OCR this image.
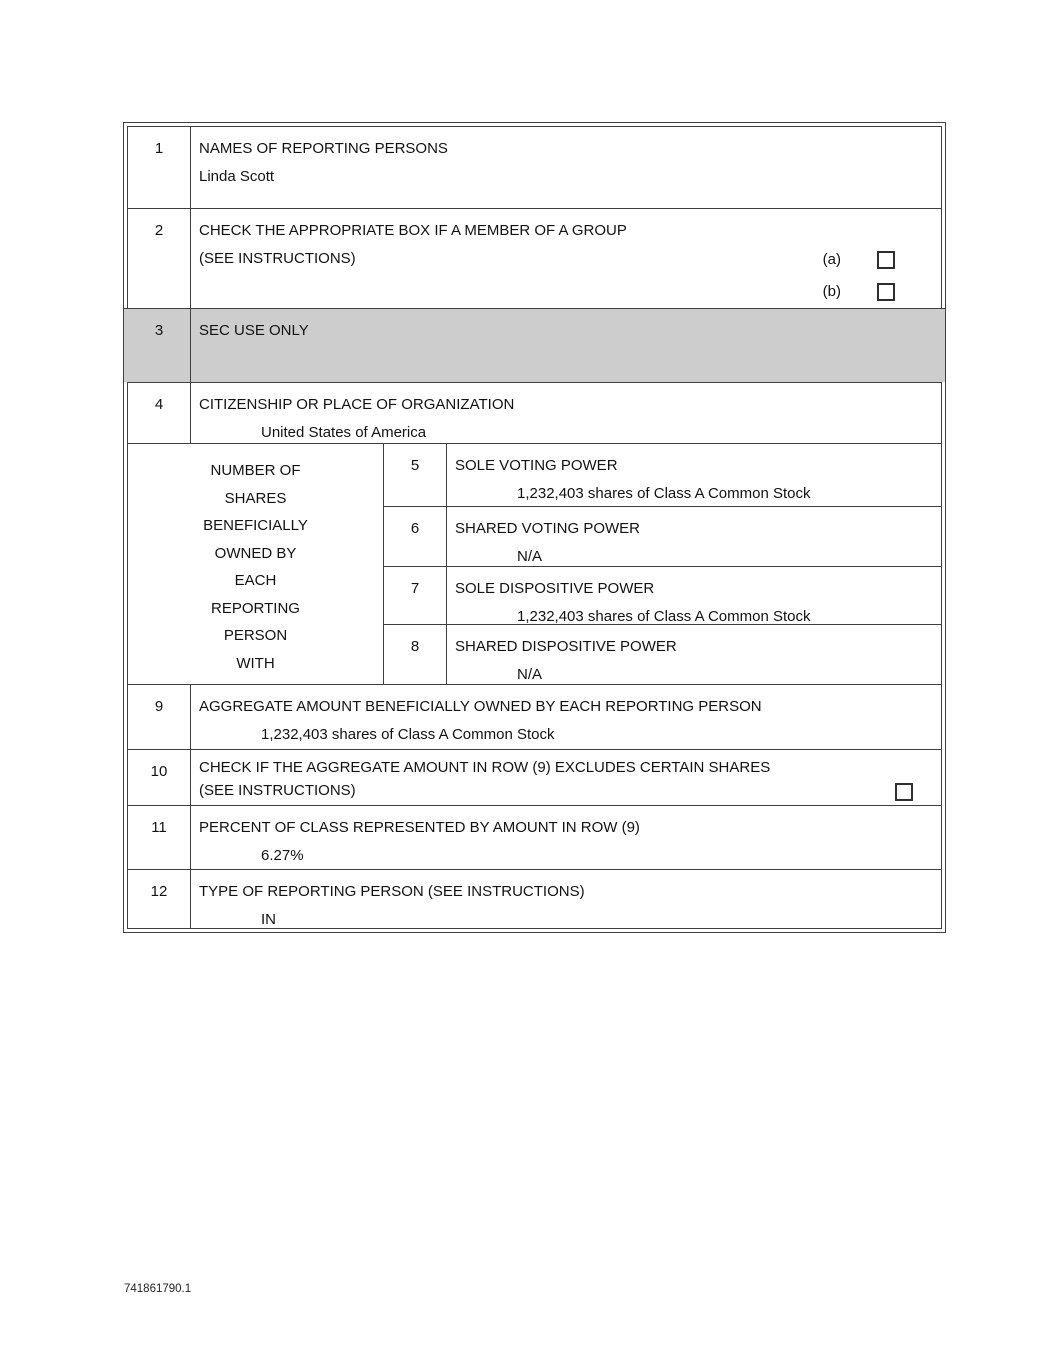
1	NAMES OF REPORTING PERSONS
Linda Scott
2	CHECK THE APPROPRIATE BOX IF A MEMBER OF A GROUP
(SEE INSTRUCTIONS)	(a)
(b)
3	SEC USE ONLY
4	CITIZENSHIP OR PLACE OF ORGANIZATION
United States of America
NUMBER OF
SHARES
BENEFICIALLY
OWNED BY
EACH
REPORTING
PERSON
WITH
5	SOLE VOTING POWER
1,232,403 shares of Class A Common Stock
6	SHARED VOTING POWER
N/A
7	SOLE DISPOSITIVE POWER
1,232,403 shares of Class A Common Stock
8	SHARED DISPOSITIVE POWER
N/A
9	AGGREGATE AMOUNT BENEFICIALLY OWNED BY EACH REPORTING PERSON
1,232,403 shares of Class A Common Stock
10	CHECK IF THE AGGREGATE AMOUNT IN ROW (9) EXCLUDES CERTAIN SHARES
(SEE INSTRUCTIONS)
11	PERCENT OF CLASS REPRESENTED BY AMOUNT IN ROW (9)
6.27%
12	TYPE OF REPORTING PERSON (SEE INSTRUCTIONS)
IN
741861790.1
